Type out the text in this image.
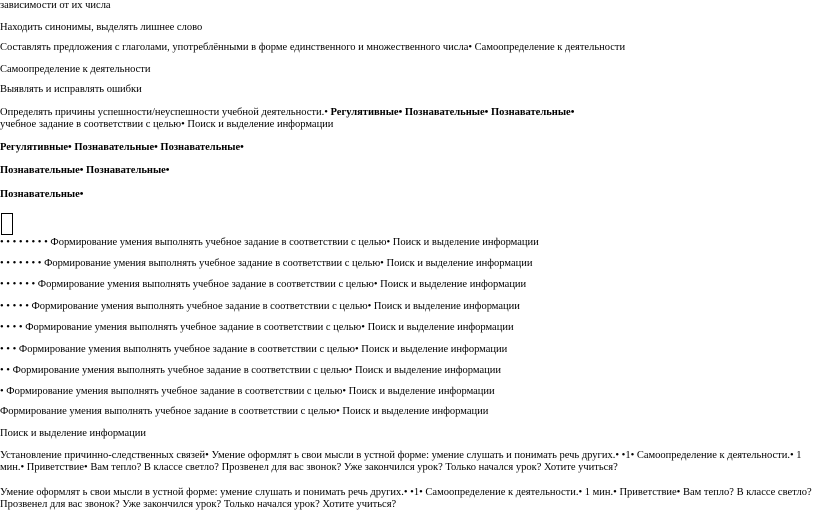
зависимости от их числа
Находить синонимы, выделять лишнее слово
Составлять предложения с глаголами, употреблёнными в форме единственного и множественного числа• Самоопределение к деятельности
Самоопределение к деятельности
Выявлять и исправлять ошибки
Определять причины успешности/неуспешности учебной деятельности.• Регулятивные• Познавательные• Познавательные•
учебное задание в соответствии с целью• Поиск и выделение информации
Регулятивные• Познавательные• Познавательные•
Познавательные• Познавательные•
Познавательные•
• • • • • • • • Формирование умения выполнять учебное задание в соответствии с целью• Поиск и выделение информации
• • • • • • • Формирование умения выполнять учебное задание в соответствии с целью• Поиск и выделение информации
• • • • • • Формирование умения выполнять учебное задание в соответствии с целью• Поиск и выделение информации
• • • • • Формирование умения выполнять учебное задание в соответствии с целью• Поиск и выделение информации
• • • • Формирование умения выполнять учебное задание в соответствии с целью• Поиск и выделение информации
• • • Формирование умения выполнять учебное задание в соответствии с целью• Поиск и выделение информации
• • Формирование умения выполнять учебное задание в соответствии с целью• Поиск и выделение информации
• Формирование умения выполнять учебное задание в соответствии с целью• Поиск и выделение информации
Формирование умения выполнять учебное задание в соответствии с целью• Поиск и выделение информации
Поиск и выделение информации
Установление причинно-следственных связей• Умение оформлят ь свои мысли в устной форме: умение слушать и понимать речь других.• •1• Самоопределение к деятельности.• 1 мин.• Приветствие• Вам тепло? В классе светло? Прозвенел для вас звонок? Уже закончился урок? Только начался урок? Хотите учиться?
Умение оформлят ь свои мысли в устной форме: умение слушать и понимать речь других.• •1• Самоопределение к деятельности.• 1 мин.• Приветствие• Вам тепло? В классе светло? Прозвенел для вас звонок? Уже закончился урок? Только начался урок? Хотите учиться?
